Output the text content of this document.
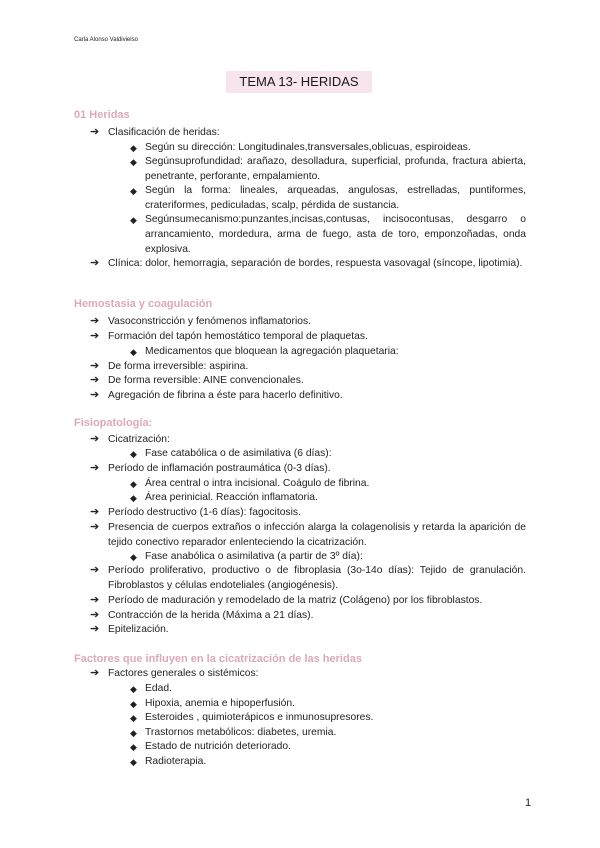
Carla Alonso Valdivielso
TEMA 13- HERIDAS
01 Heridas
➔ Clasificación de heridas:
◆ Según su dirección: Longitudinales,transversales,oblicuas, espiroideas.
◆ Segúnsuprofundidad: arañazo, desolladura, superficial, profunda, fractura abierta, penetrante, perforante, empalamiento.
◆ Según la forma: lineales, arqueadas, angulosas, estrelladas, puntiformes, crateriformes, pediculadas, scalp, pérdida de sustancia.
◆ Segúnsumecanismo:punzantes,incisas,contusas, incisocontusas, desgarro o arrancamiento, mordedura, arma de fuego, asta de toro, emponzoñadas, onda explosiva.
➔ Clínica: dolor, hemorragia, separación de bordes, respuesta vasovagal (síncope, lipotimia).
Hemostasia y coagulación
➔ Vasoconstricción y fenómenos inflamatorios.
➔ Formación del tapón hemostático temporal de plaquetas.
◆ Medicamentos que bloquean la agregación plaquetaria:
➔ De forma irreversible: aspirina.
➔ De forma reversible: AINE convencionales.
➔ Agregación de fibrina a éste para hacerlo definitivo.
Fisiopatología:
➔ Cicatrización:
◆ Fase catabólica o de asimilativa (6 días):
➔ Período de inflamación postraumática (0-3 días).
◆ Área central o intra incisional. Coágulo de fibrina.
◆ Área perinicial. Reacción inflamatoria.
➔ Período destructivo (1-6 días): fagocitosis.
➔ Presencia de cuerpos extraños o infección alarga la colagenolisis y retarda la aparición de tejido conectivo reparador enlenteciendo la cicatrización.
◆ Fase anabólica o asimilativa (a partir de 3º día):
➔ Período proliferativo, productivo o de fibroplasia (3o-14o días): Tejido de granulación. Fibroblastos y células endoteliales (angiogénesis).
➔ Período de maduración y remodelado de la matriz (Colágeno) por los fibroblastos.
➔ Contracción de la herida (Máxima a 21 días).
➔ Epitelización.
Factores que influyen en la cicatrización de las heridas
➔ Factores generales o sistémicos:
◆ Edad.
◆ Hipoxia, anemia e hipoperfusión.
◆ Esteroides , quimioterápicos e inmunosupresores.
◆ Trastornos metabólicos: diabetes, uremia.
◆ Estado de nutrición deteriorado.
◆ Radioterapia.
1
